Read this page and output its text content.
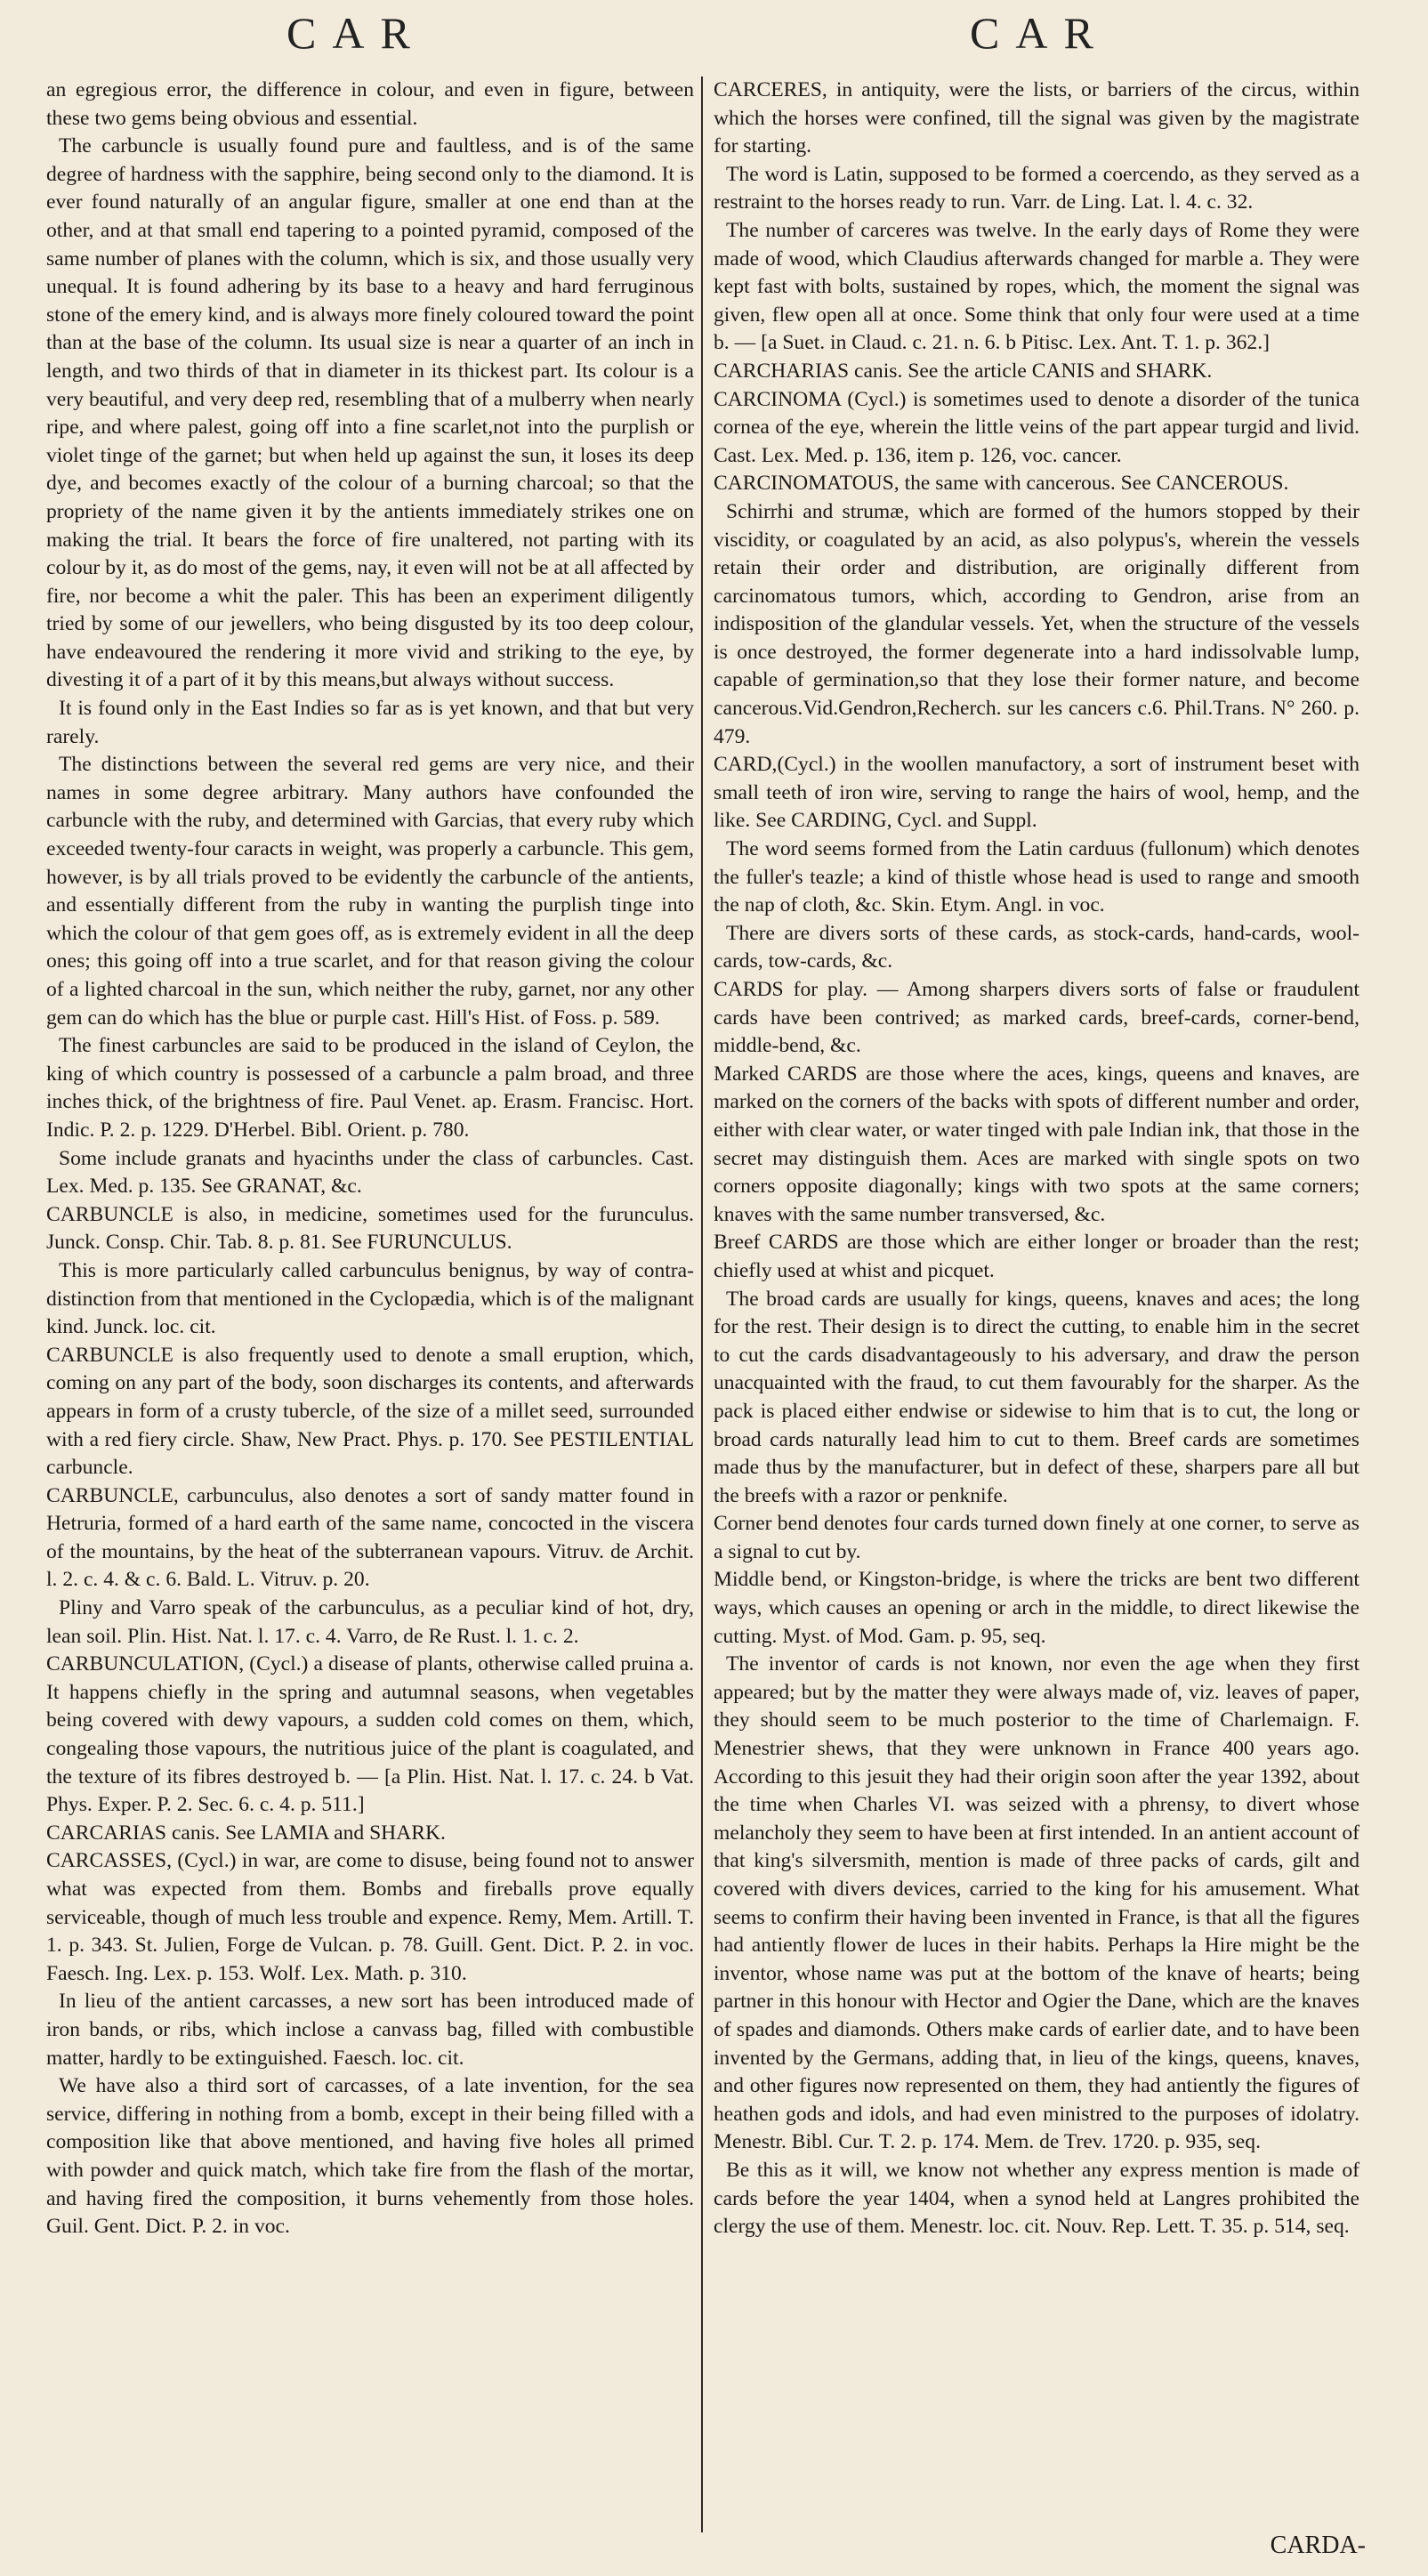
CAR	CAR

an egregious error, the difference in colour, and even in figure, between these two gems being obvious and essential.

The carbuncle is usually found pure and faultless, and is of the same degree of hardness with the sapphire, being second only to the diamond. It is ever found naturally of an angular figure, smaller at one end than at the other, and at that small end tapering to a pointed pyramid, composed of the same number of planes with the column, which is six, and those usually very unequal. It is found adhering by its base to a heavy and hard ferruginous stone of the emery kind, and is always more finely coloured toward the point than at the base of the column. Its usual size is near a quarter of an inch in length, and two thirds of that in diameter in its thickest part. Its colour is a very beautiful, and very deep red, resembling that of a mulberry when nearly ripe, and where palest, going off into a fine scarlet,not into the purplish or violet tinge of the garnet; but when held up against the sun, it loses its deep dye, and becomes exactly of the colour of a burning charcoal; so that the propriety of the name given it by the antients immediately strikes one on making the trial. It bears the force of fire unaltered, not parting with its colour by it, as do most of the gems, nay, it even will not be at all affected by fire, nor become a whit the paler. This has been an experiment diligently tried by some of our jewellers, who being disgusted by its too deep colour, have endeavoured the rendering it more vivid and striking to the eye, by divesting it of a part of it by this means,but always without success.

It is found only in the East Indies so far as is yet known, and that but very rarely.

The distinctions between the several red gems are very nice, and their names in some degree arbitrary. Many authors have confounded the carbuncle with the ruby, and determined with Garcias, that every ruby which exceeded twenty-four caracts in weight, was properly a carbuncle. This gem, however, is by all trials proved to be evidently the carbuncle of the antients, and essentially different from the ruby in wanting the purplish tinge into which the colour of that gem goes off, as is extremely evident in all the deep ones; this going off into a true scarlet, and for that reason giving the colour of a lighted charcoal in the sun, which neither the ruby, garnet, nor any other gem can do which has the blue or purple cast. Hill's Hist. of Foss. p. 589.

The finest carbuncles are said to be produced in the island of Ceylon, the king of which country is possessed of a carbuncle a palm broad, and three inches thick, of the brightness of fire. Paul Venet. ap. Erasm. Francisc. Hort. Indic. P. 2. p. 1229. D'Herbel. Bibl. Orient. p. 780.

Some include granats and hyacinths under the class of carbuncles. Cast. Lex. Med. p. 135. See GRANAT, &c.

CARBUNCLE is also, in medicine, sometimes used for the furunculus. Junck. Consp. Chir. Tab. 8. p. 81. See FURUNCULUS.

This is more particularly called carbunculus benignus, by way of contra-distinction from that mentioned in the Cyclopædia, which is of the malignant kind. Junck. loc. cit.

CARBUNCLE is also frequently used to denote a small eruption, which, coming on any part of the body, soon discharges its contents, and afterwards appears in form of a crusty tubercle, of the size of a millet seed, surrounded with a red fiery circle. Shaw, New Pract. Phys. p. 170. See PESTILENTIAL carbuncle.

CARBUNCLE, carbunculus, also denotes a sort of sandy matter found in Hetruria, formed of a hard earth of the same name, concocted in the viscera of the mountains, by the heat of the subterranean vapours. Vitruv. de Archit. l. 2. c. 4. & c. 6. Bald. L. Vitruv. p. 20.

Pliny and Varro speak of the carbunculus, as a peculiar kind of hot, dry, lean soil. Plin. Hist. Nat. l. 17. c. 4. Varro, de Re Rust. l. 1. c. 2.

CARBUNCULATION, (Cycl.) a disease of plants, otherwise called pruina a. It happens chiefly in the spring and autumnal seasons, when vegetables being covered with dewy vapours, a sudden cold comes on them, which, congealing those vapours, the nutritious juice of the plant is coagulated, and the texture of its fibres destroyed b. — [a Plin. Hist. Nat. l. 17. c. 24. b Vat. Phys. Exper. P. 2. Sec. 6. c. 4. p. 511.]

CARCARIAS canis. See LAMIA and SHARK.

CARCASSES, (Cycl.) in war, are come to disuse, being found not to answer what was expected from them. Bombs and fireballs prove equally serviceable, though of much less trouble and expence. Remy, Mem. Artill. T. 1. p. 343. St. Julien, Forge de Vulcan. p. 78. Guill. Gent. Dict. P. 2. in voc. Faesch. Ing. Lex. p. 153. Wolf. Lex. Math. p. 310.

In lieu of the antient carcasses, a new sort has been introduced made of iron bands, or ribs, which inclose a canvass bag, filled with combustible matter, hardly to be extinguished. Faesch. loc. cit.

We have also a third sort of carcasses, of a late invention, for the sea service, differing in nothing from a bomb, except in their being filled with a composition like that above mentioned, and having five holes all primed with powder and quick match, which take fire from the flash of the mortar, and having fired the composition, it burns vehemently from those holes. Guil. Gent. Dict. P. 2. in voc.

CARCERES, in antiquity, were the lists, or barriers of the circus, within which the horses were confined, till the signal was given by the magistrate for starting.

The word is Latin, supposed to be formed a coercendo, as they served as a restraint to the horses ready to run. Varr. de Ling. Lat. l. 4. c. 32.

The number of carceres was twelve. In the early days of Rome they were made of wood, which Claudius afterwards changed for marble a. They were kept fast with bolts, sustained by ropes, which, the moment the signal was given, flew open all at once. Some think that only four were used at a time b. — [a Suet. in Claud. c. 21. n. 6. b Pitisc. Lex. Ant. T. 1. p. 362.]

CARCHARIAS canis. See the article CANIS and SHARK.

CARCINOMA (Cycl.) is sometimes used to denote a disorder of the tunica cornea of the eye, wherein the little veins of the part appear turgid and livid. Cast. Lex. Med. p. 136, item p. 126, voc. cancer.

CARCINOMATOUS, the same with cancerous. See CANCEROUS.

Schirrhi and strumæ, which are formed of the humors stopped by their viscidity, or coagulated by an acid, as also polypus's, wherein the vessels retain their order and distribution, are originally different from carcinomatous tumors, which, according to Gendron, arise from an indisposition of the glandular vessels. Yet, when the structure of the vessels is once destroyed, the former degenerate into a hard indissolvable lump, capable of germination,so that they lose their former nature, and become cancerous.Vid.Gendron,Recherch. sur les cancers c.6. Phil.Trans. N° 260. p. 479.

CARD,(Cycl.) in the woollen manufactory, a sort of instrument beset with small teeth of iron wire, serving to range the hairs of wool, hemp, and the like. See CARDING, Cycl. and Suppl.

The word seems formed from the Latin carduus (fullonum) which denotes the fuller's teazle; a kind of thistle whose head is used to range and smooth the nap of cloth, &c. Skin. Etym. Angl. in voc.

There are divers sorts of these cards, as stock-cards, hand-cards, wool-cards, tow-cards, &c.

CARDS for play. — Among sharpers divers sorts of false or fraudulent cards have been contrived; as marked cards, breef-cards, corner-bend, middle-bend, &c.

Marked CARDS are those where the aces, kings, queens and knaves, are marked on the corners of the backs with spots of different number and order, either with clear water, or water tinged with pale Indian ink, that those in the secret may distinguish them. Aces are marked with single spots on two corners opposite diagonally; kings with two spots at the same corners; knaves with the same number transversed, &c.

Breef CARDS are those which are either longer or broader than the rest; chiefly used at whist and picquet.

The broad cards are usually for kings, queens, knaves and aces; the long for the rest. Their design is to direct the cutting, to enable him in the secret to cut the cards disadvantageously to his adversary, and draw the person unacquainted with the fraud, to cut them favourably for the sharper. As the pack is placed either endwise or sidewise to him that is to cut, the long or broad cards naturally lead him to cut to them. Breef cards are sometimes made thus by the manufacturer, but in defect of these, sharpers pare all but the breefs with a razor or penknife.

Corner bend denotes four cards turned down finely at one corner, to serve as a signal to cut by.

Middle bend, or Kingston-bridge, is where the tricks are bent two different ways, which causes an opening or arch in the middle, to direct likewise the cutting. Myst. of Mod. Gam. p. 95, seq.

The inventor of cards is not known, nor even the age when they first appeared; but by the matter they were always made of, viz. leaves of paper, they should seem to be much posterior to the time of Charlemaign. F. Menestrier shews, that they were unknown in France 400 years ago. According to this jesuit they had their origin soon after the year 1392, about the time when Charles VI. was seized with a phrensy, to divert whose melancholy they seem to have been at first intended. In an antient account of that king's silversmith, mention is made of three packs of cards, gilt and covered with divers devices, carried to the king for his amusement. What seems to confirm their having been invented in France, is that all the figures had antiently flower de luces in their habits. Perhaps la Hire might be the inventor, whose name was put at the bottom of the knave of hearts; being partner in this honour with Hector and Ogier the Dane, which are the knaves of spades and diamonds. Others make cards of earlier date, and to have been invented by the Germans, adding that, in lieu of the kings, queens, knaves, and other figures now represented on them, they had antiently the figures of heathen gods and idols, and had even ministred to the purposes of idolatry. Menestr. Bibl. Cur. T. 2. p. 174. Mem. de Trev. 1720. p. 935, seq.

Be this as it will, we know not whether any express mention is made of cards before the year 1404, when a synod held at Langres prohibited the clergy the use of them. Menestr. loc. cit. Nouv. Rep. Lett. T. 35. p. 514, seq.

CARDA-
